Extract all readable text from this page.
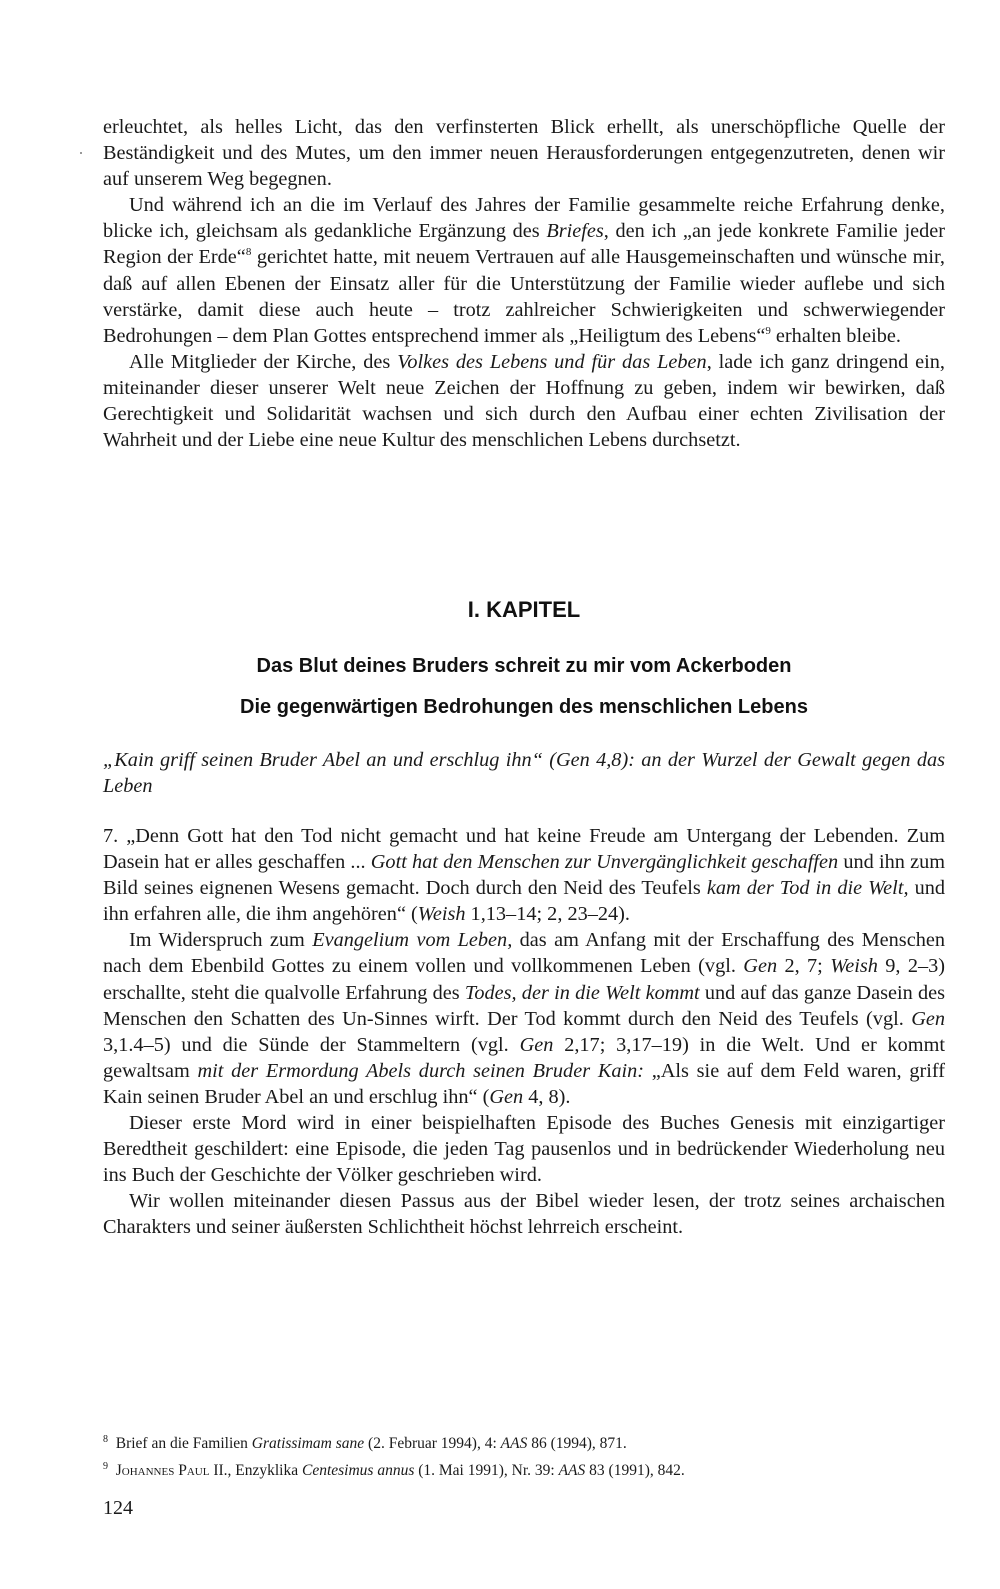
erleuchtet, als helles Licht, das den verfinsterten Blick erhellt, als unerschöpfliche Quelle der Beständigkeit und des Mutes, um den immer neuen Herausforderungen entgegenzutreten, denen wir auf unserem Weg begegnen.

Und während ich an die im Verlauf des Jahres der Familie gesammelte reiche Erfahrung denke, blicke ich, gleichsam als gedankliche Ergänzung des Briefes, den ich „an jede konkrete Familie jeder Region der Erde“$^8$ gerichtet hatte, mit neuem Vertrauen auf alle Hausgemeinschaften und wünsche mir, daß auf allen Ebenen der Einsatz aller für die Unterstützung der Familie wieder auflebe und sich verstärke, damit diese auch heute – trotz zahlreicher Schwierigkeiten und schwerwiegender Bedrohungen – dem Plan Gottes entsprechend immer als „Heiligtum des Lebens“$^9$ erhalten bleibe.

Alle Mitglieder der Kirche, des Volkes des Lebens und für das Leben, lade ich ganz dringend ein, miteinander dieser unserer Welt neue Zeichen der Hoffnung zu geben, indem wir bewirken, daß Gerechtigkeit und Solidarität wachsen und sich durch den Aufbau einer echten Zivilisation der Wahrheit und der Liebe eine neue Kultur des menschlichen Lebens durchsetzt.

I. KAPITEL
Das Blut deines Bruders schreit zu mir vom Ackerboden
Die gegenwärtigen Bedrohungen des menschlichen Lebens
„Kain griff seinen Bruder Abel an und erschlug ihn“ (Gen 4,8): an der Wurzel der Gewalt gegen das Leben

7. „Denn Gott hat den Tod nicht gemacht und hat keine Freude am Untergang der Lebenden. Zum Dasein hat er alles geschaffen ... Gott hat den Menschen zur Unvergänglichkeit geschaffen und ihn zum Bild seines eignenen Wesens gemacht. Doch durch den Neid des Teufels kam der Tod in die Welt, und ihn erfahren alle, die ihm angehören“ (Weish 1,13–14; 2, 23–24).

Im Widerspruch zum Evangelium vom Leben, das am Anfang mit der Erschaffung des Menschen nach dem Ebenbild Gottes zu einem vollen und vollkommenen Leben (vgl. Gen 2, 7; Weish 9, 2–3) erschallte, steht die qualvolle Erfahrung des Todes, der in die Welt kommt und auf das ganze Dasein des Menschen den Schatten des Un-Sinnes wirft. Der Tod kommt durch den Neid des Teufels (vgl. Gen 3,1.4–5) und die Sünde der Stammeltern (vgl. Gen 2,17; 3,17–19) in die Welt. Und er kommt gewaltsam mit der Ermordung Abels durch seinen Bruder Kain: „Als sie auf dem Feld waren, griff Kain seinen Bruder Abel an und erschlug ihn“ (Gen 4, 8).

Dieser erste Mord wird in einer beispielhaften Episode des Buches Genesis mit einzigartiger Beredtheit geschildert: eine Episode, die jeden Tag pausenlos und in bedrückender Wiederholung neu ins Buch der Geschichte der Völker geschrieben wird.

Wir wollen miteinander diesen Passus aus der Bibel wieder lesen, der trotz seines archaischen Charakters und seiner äußersten Schlichtheit höchst lehrreich erscheint.

$^8$ Brief an die Familien Gratissimam sane (2. Februar 1994), 4: AAS 86 (1994), 871.

$^9$ Johannes Paul II., Enzyklika Centesimus annus (1. Mai 1991), Nr. 39: AAS 83 (1991), 842.

124
